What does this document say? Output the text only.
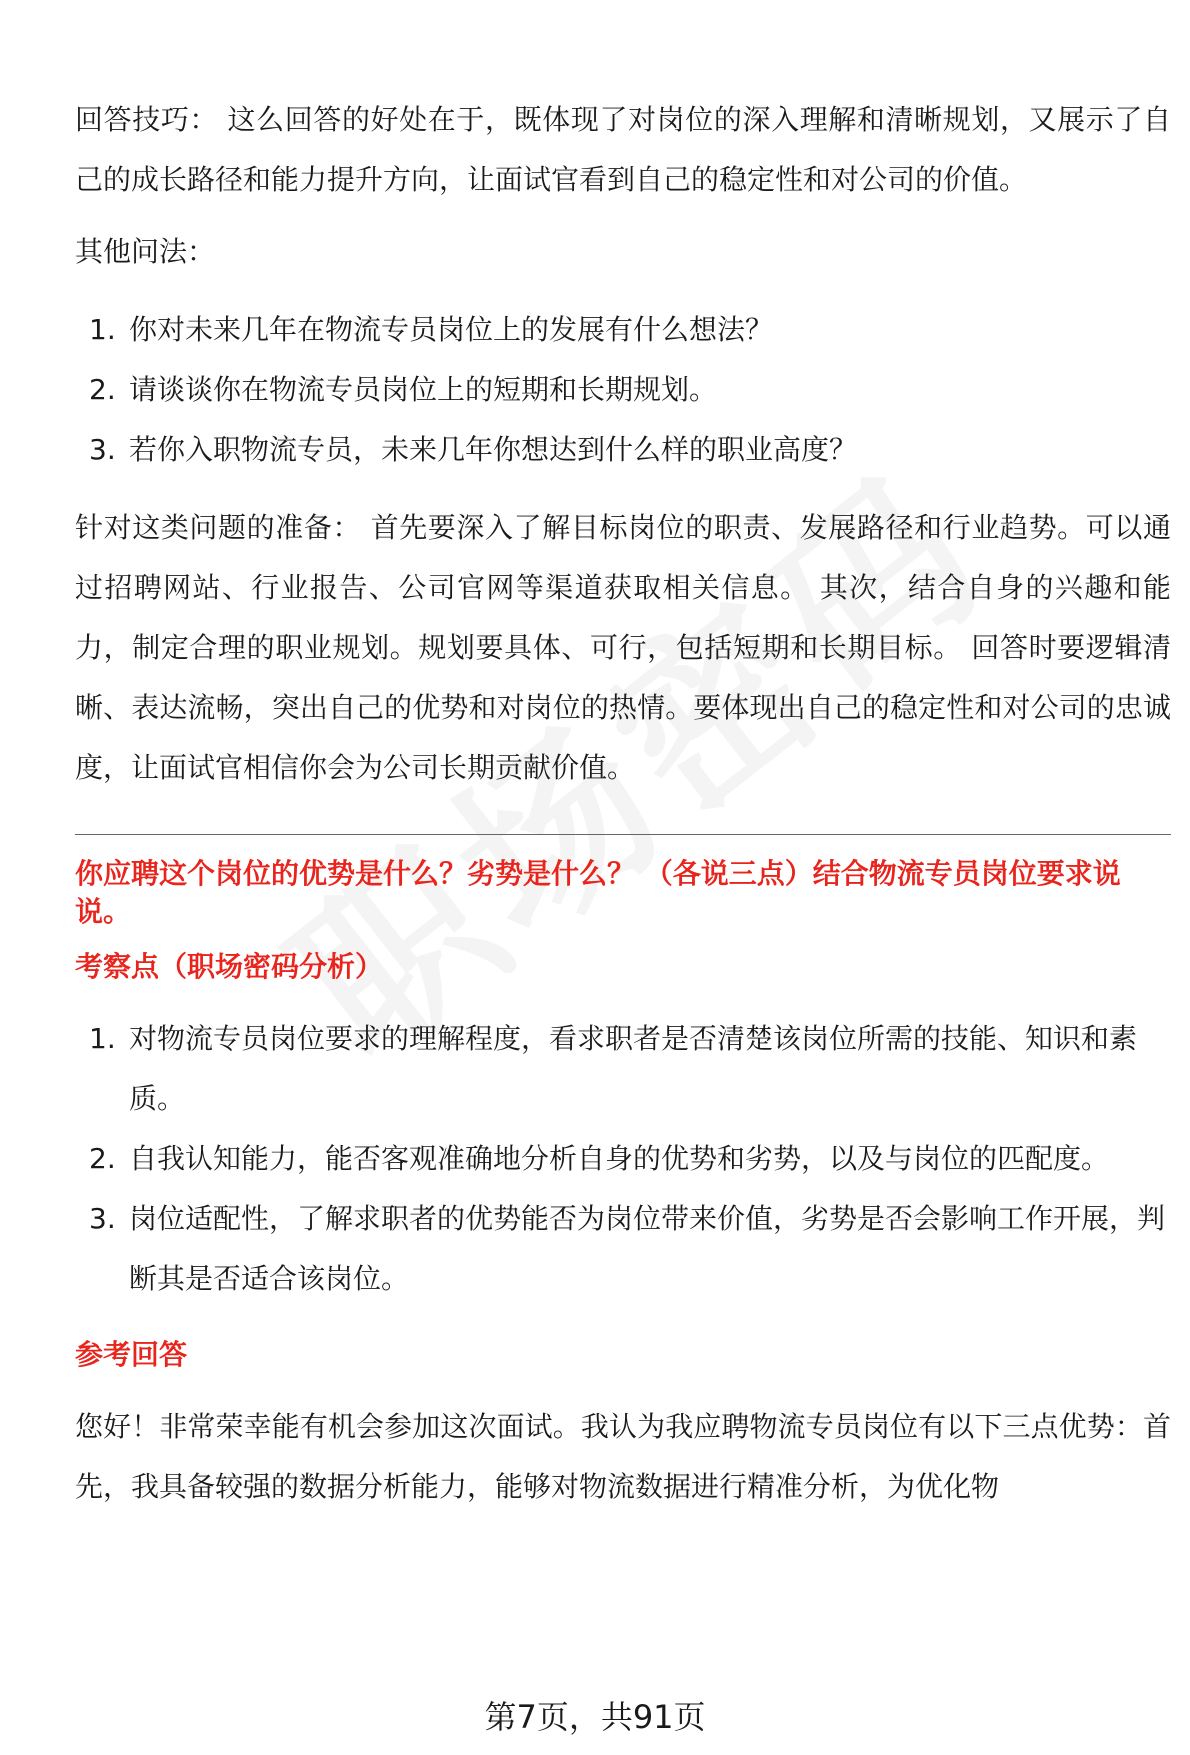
回答技巧： 这么回答的好处在于，既体现了对岗位的深入理解和清晰规划，又展示了自己的成长路径和能力提升方向，让面试官看到自己的稳定性和对公司的价值。

其他问法：

1. 你对未来几年在物流专员岗位上的发展有什么想法？
2. 请谈谈你在物流专员岗位上的短期和长期规划。
3. 若你入职物流专员，未来几年你想达到什么样的职业高度？

针对这类问题的准备： 首先要深入了解目标岗位的职责、发展路径和行业趋势。可以通过招聘网站、行业报告、公司官网等渠道获取相关信息。 其次，结合自身的兴趣和能力，制定合理的职业规划。规划要具体、可行，包括短期和长期目标。 回答时要逻辑清晰、表达流畅，突出自己的优势和对岗位的热情。要体现出自己的稳定性和对公司的忠诚度，让面试官相信你会为公司长期贡献价值。

你应聘这个岗位的优势是什么？劣势是什么？ （各说三点）结合物流专员岗位要求说说。

考察点（职场密码分析）

1. 对物流专员岗位要求的理解程度，看求职者是否清楚该岗位所需的技能、知识和素质。
2. 自我认知能力，能否客观准确地分析自身的优势和劣势，以及与岗位的匹配度。
3. 岗位适配性，了解求职者的优势能否为岗位带来价值，劣势是否会影响工作开展，判断其是否适合该岗位。

参考回答

您好！非常荣幸能有机会参加这次面试。我认为我应聘物流专员岗位有以下三点优势：首先，我具备较强的数据分析能力，能够对物流数据进行精准分析，为优化物

第7页，共91页
